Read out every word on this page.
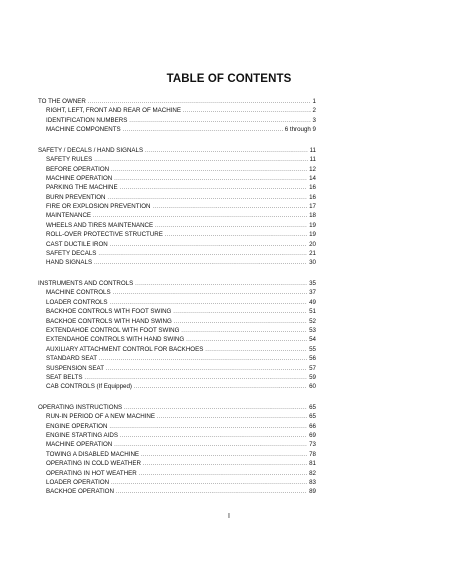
TABLE OF CONTENTS
TO THE OWNER .....	1
RIGHT, LEFT, FRONT AND REAR OF MACHINE .....	2
IDENTIFICATION NUMBERS .....	3
MACHINE COMPONENTS .....	6 through 9
SAFETY / DECALS / HAND SIGNALS .....	11
SAFETY RULES .....	11
BEFORE OPERATION .....	12
MACHINE OPERATION .....	14
PARKING THE MACHINE .....	16
BURN PREVENTION .....	16
FIRE OR EXPLOSION PREVENTION .....	17
MAINTENANCE .....	18
WHEELS AND TIRES MAINTENANCE .....	19
ROLL-OVER PROTECTIVE STRUCTURE .....	19
CAST DUCTILE IRON .....	20
SAFETY DECALS .....	21
HAND SIGNALS .....	30
INSTRUMENTS AND CONTROLS .....	35
MACHINE CONTROLS .....	37
LOADER CONTROLS .....	49
BACKHOE CONTROLS WITH FOOT SWING .....	51
BACKHOE CONTROLS WITH HAND SWING .....	52
EXTENDAHOE CONTROL WITH FOOT SWING .....	53
EXTENDAHOE CONTROLS WITH HAND SWING .....	54
AUXILIARY ATTACHMENT CONTROL FOR BACKHOES .....	55
STANDARD SEAT .....	56
SUSPENSION SEAT .....	57
SEAT BELTS .....	59
CAB CONTROLS (If Equipped) .....	60
OPERATING INSTRUCTIONS .....	65
RUN-IN PERIOD OF A NEW MACHINE .....	65
ENGINE OPERATION .....	66
ENGINE STARTING AIDS .....	69
MACHINE OPERATION .....	73
TOWING A DISABLED MACHINE .....	78
OPERATING IN COLD WEATHER .....	81
OPERATING IN HOT WEATHER .....	82
LOADER OPERATION .....	83
BACKHOE OPERATION .....	89
I
